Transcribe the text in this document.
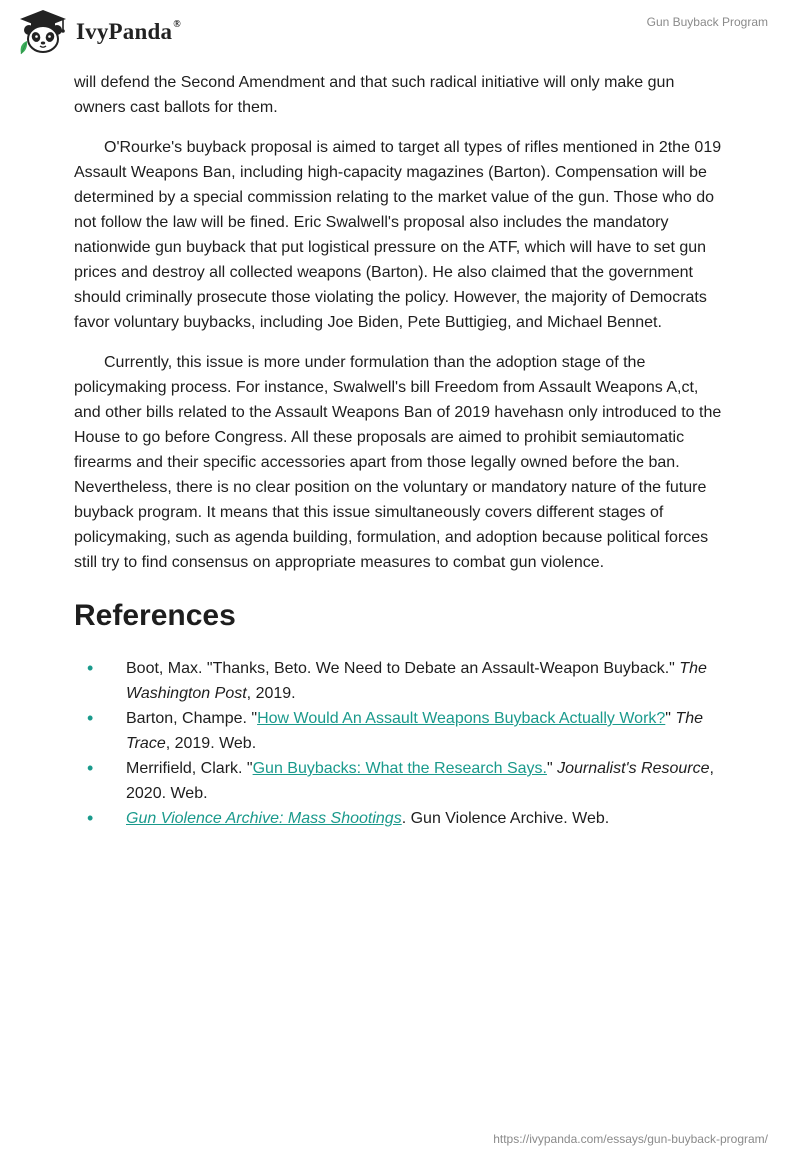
IvyPanda®	Gun Buyback Program

will defend the Second Amendment and that such radical initiative will only make gun owners cast ballots for them.

O'Rourke's buyback proposal is aimed to target all types of rifles mentioned in 2the 019 Assault Weapons Ban, including high-capacity magazines (Barton). Compensation will be determined by a special commission relating to the market value of the gun. Those who do not follow the law will be fined. Eric Swalwell's proposal also includes the mandatory nationwide gun buyback that put logistical pressure on the ATF, which will have to set gun prices and destroy all collected weapons (Barton). He also claimed that the government should criminally prosecute those violating the policy. However, the majority of Democrats favor voluntary buybacks, including Joe Biden, Pete Buttigieg, and Michael Bennet.

Currently, this issue is more under formulation than the adoption stage of the policymaking process. For instance, Swalwell's bill Freedom from Assault Weapons A,ct, and other bills related to the Assault Weapons Ban of 2019 havehasn only introduced to the House to go before Congress. All these proposals are aimed to prohibit semiautomatic firearms and their specific accessories apart from those legally owned before the ban. Nevertheless, there is no clear position on the voluntary or mandatory nature of the future buyback program. It means that this issue simultaneously covers different stages of policymaking, such as agenda building, formulation, and adoption because political forces still try to find consensus on appropriate measures to combat gun violence.

References
• Boot, Max. "Thanks, Beto. We Need to Debate an Assault-Weapon Buyback." The Washington Post, 2019.
• Barton, Champe. "How Would An Assault Weapons Buyback Actually Work?" The Trace, 2019. Web.
• Merrifield, Clark. "Gun Buybacks: What the Research Says." Journalist's Resource, 2020. Web.
• Gun Violence Archive: Mass Shootings. Gun Violence Archive. Web.
https://ivypanda.com/essays/gun-buyback-program/
